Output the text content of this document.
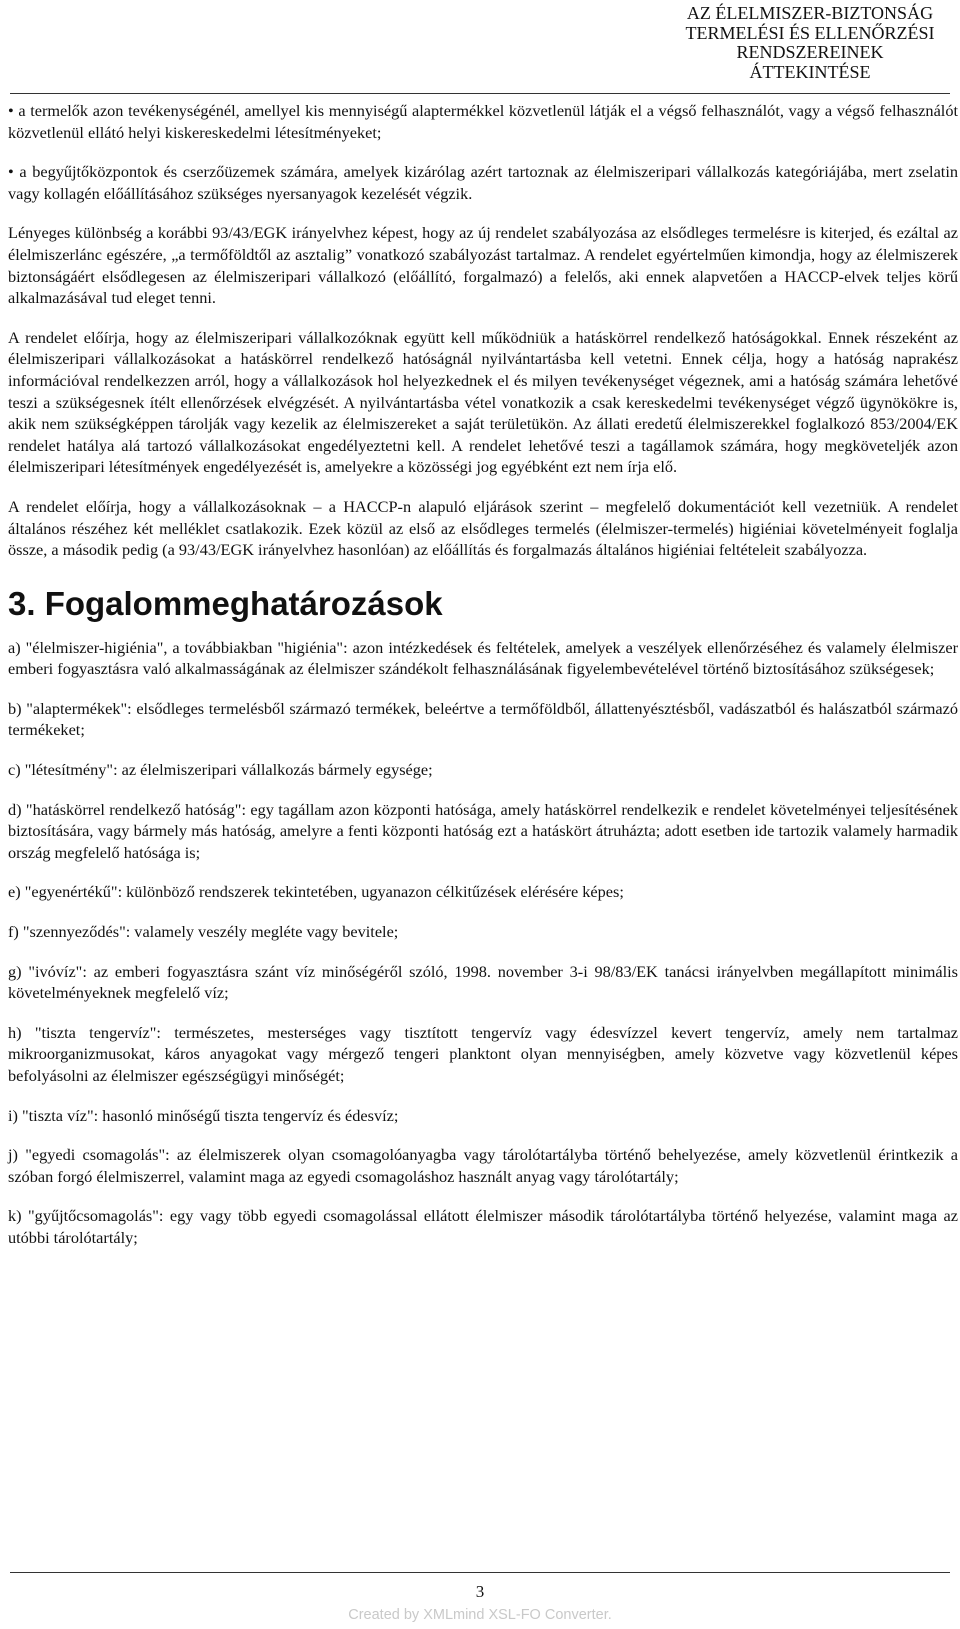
AZ ÉLELMISZER-BIZTONSÁG
TERMELÉSI ÉS ELLENŐRZÉSI
RENDSZEREINEK
ÁTTEKINTÉSE

• a termelők azon tevékenységénél, amellyel kis mennyiségű alaptermékkel közvetlenül látják el a végső felhasználót, vagy a végső felhasználót közvetlenül ellátó helyi kiskereskedelmi létesítményeket;

• a begyűjtőközpontok és cserzőüzemek számára, amelyek kizárólag azért tartoznak az élelmiszeripari vállalkozás kategóriájába, mert zselatin vagy kollagén előállításához szükséges nyersanyagok kezelését végzik.

Lényeges különbség a korábbi 93/43/EGK irányelvhez képest, hogy az új rendelet szabályozása az elsődleges termelésre is kiterjed, és ezáltal az élelmiszerlánc egészére, „a termőföldtől az asztalig” vonatkozó szabályozást tartalmaz. A rendelet egyértelműen kimondja, hogy az élelmiszerek biztonságáért elsődlegesen az élelmiszeripari vállalkozó (előállító, forgalmazó) a felelős, aki ennek alapvetően a HACCP-elvek teljes körű alkalmazásával tud eleget tenni.

A rendelet előírja, hogy az élelmiszeripari vállalkozóknak együtt kell működniük a hatáskörrel rendelkező hatóságokkal. Ennek részeként az élelmiszeripari vállalkozásokat a hatáskörrel rendelkező hatóságnál nyilvántartásba kell vetetni. Ennek célja, hogy a hatóság naprakész információval rendelkezzen arról, hogy a vállalkozások hol helyezkednek el és milyen tevékenységet végeznek, ami a hatóság számára lehetővé teszi a szükségesnek ítélt ellenőrzések elvégzését. A nyilvántartásba vétel vonatkozik a csak kereskedelmi tevékenységet végző ügynökökre is, akik nem szükségképpen tárolják vagy kezelik az élelmiszereket a saját területükön. Az állati eredetű élelmiszerekkel foglalkozó 853/2004/EK rendelet hatálya alá tartozó vállalkozásokat engedélyeztetni kell. A rendelet lehetővé teszi a tagállamok számára, hogy megköveteljék azon élelmiszeripari létesítmények engedélyezését is, amelyekre a közösségi jog egyébként ezt nem írja elő.

A rendelet előírja, hogy a vállalkozásoknak – a HACCP-n alapuló eljárások szerint – megfelelő dokumentációt kell vezetniük. A rendelet általános részéhez két melléklet csatlakozik. Ezek közül az első az elsődleges termelés (élelmiszer-termelés) higiéniai követelményeit foglalja össze, a második pedig (a 93/43/EGK irányelvhez hasonlóan) az előállítás és forgalmazás általános higiéniai feltételeit szabályozza.

3. Fogalommeghatározások

a) "élelmiszer-higiénia", a továbbiakban "higiénia": azon intézkedések és feltételek, amelyek a veszélyek ellenőrzéséhez és valamely élelmiszer emberi fogyasztásra való alkalmasságának az élelmiszer szándékolt felhasználásának figyelembevételével történő biztosításához szükségesek;

b) "alaptermékek": elsődleges termelésből származó termékek, beleértve a termőföldből, állattenyésztésből, vadászatból és halászatból származó termékeket;

c) "létesítmény": az élelmiszeripari vállalkozás bármely egysége;

d) "hatáskörrel rendelkező hatóság": egy tagállam azon központi hatósága, amely hatáskörrel rendelkezik e rendelet követelményei teljesítésének biztosítására, vagy bármely más hatóság, amelyre a fenti központi hatóság ezt a hatáskört átruházta; adott esetben ide tartozik valamely harmadik ország megfelelő hatósága is;

e) "egyenértékű": különböző rendszerek tekintetében, ugyanazon célkitűzések elérésére képes;

f) "szennyeződés": valamely veszély megléte vagy bevitele;

g) "ivóvíz": az emberi fogyasztásra szánt víz minőségéről szóló, 1998. november 3-i 98/83/EK tanácsi irányelvben megállapított minimális követelményeknek megfelelő víz;

h) "tiszta tengervíz": természetes, mesterséges vagy tisztított tengervíz vagy édesvízzel kevert tengervíz, amely nem tartalmaz mikroorganizmusokat, káros anyagokat vagy mérgező tengeri planktont olyan mennyiségben, amely közvetve vagy közvetlenül képes befolyásolni az élelmiszer egészségügyi minőségét;

i) "tiszta víz": hasonló minőségű tiszta tengervíz és édesvíz;

j) "egyedi csomagolás": az élelmiszerek olyan csomagolóanyagba vagy tárolótartályba történő behelyezése, amely közvetlenül érintkezik a szóban forgó élelmiszerrel, valamint maga az egyedi csomagoláshoz használt anyag vagy tárolótartály;

k) "gyűjtőcsomagolás": egy vagy több egyedi csomagolással ellátott élelmiszer második tárolótartályba történő helyezése, valamint maga az utóbbi tárolótartály;

3
Created by XMLmind XSL-FO Converter.
